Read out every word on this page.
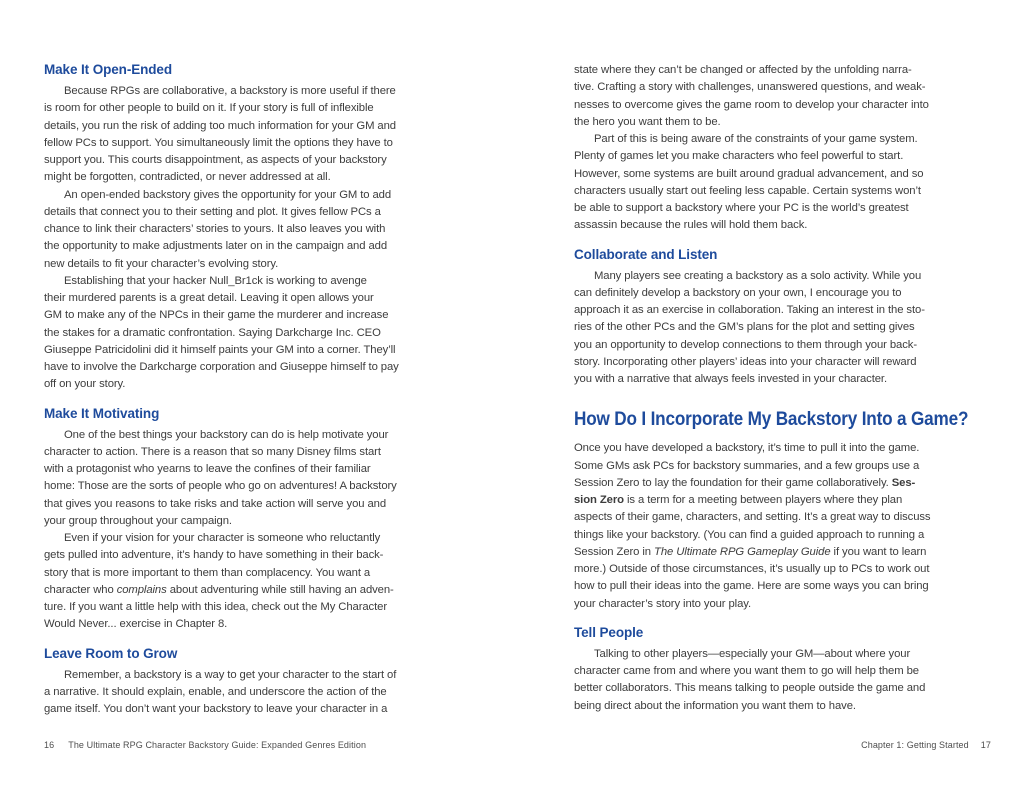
Make It Open-Ended
Because RPGs are collaborative, a backstory is more useful if there
is room for other people to build on it. If your story is full of inflexible
details, you run the risk of adding too much information for your GM and
fellow PCs to support. You simultaneously limit the options they have to
support you. This courts disappointment, as aspects of your backstory
might be forgotten, contradicted, or never addressed at all.
An open-ended backstory gives the opportunity for your GM to add
details that connect you to their setting and plot. It gives fellow PCs a
chance to link their characters’ stories to yours. It also leaves you with
the opportunity to make adjustments later on in the campaign and add
new details to fit your character’s evolving story.
Establishing that your hacker Null_Br1ck is working to avenge
their murdered parents is a great detail. Leaving it open allows your
GM to make any of the NPCs in their game the murderer and increase
the stakes for a dramatic confrontation. Saying Darkcharge Inc. CEO
Giuseppe Patricidolini did it himself paints your GM into a corner. They’ll
have to involve the Darkcharge corporation and Giuseppe himself to pay
off on your story.
Make It Motivating
One of the best things your backstory can do is help motivate your
character to action. There is a reason that so many Disney films start
with a protagonist who yearns to leave the confines of their familiar
home: Those are the sorts of people who go on adventures! A backstory
that gives you reasons to take risks and take action will serve you and
your group throughout your campaign.
Even if your vision for your character is someone who reluctantly
gets pulled into adventure, it’s handy to have something in their back-
story that is more important to them than complacency. You want a
character who complains about adventuring while still having an adven-
ture. If you want a little help with this idea, check out the My Character
Would Never... exercise in Chapter 8.
Leave Room to Grow
Remember, a backstory is a way to get your character to the start of
a narrative. It should explain, enable, and underscore the action of the
game itself. You don’t want your backstory to leave your character in a
state where they can’t be changed or affected by the unfolding narra-
tive. Crafting a story with challenges, unanswered questions, and weak-
nesses to overcome gives the game room to develop your character into
the hero you want them to be.
Part of this is being aware of the constraints of your game system.
Plenty of games let you make characters who feel powerful to start.
However, some systems are built around gradual advancement, and so
characters usually start out feeling less capable. Certain systems won’t
be able to support a backstory where your PC is the world’s greatest
assassin because the rules will hold them back.
Collaborate and Listen
Many players see creating a backstory as a solo activity. While you
can definitely develop a backstory on your own, I encourage you to
approach it as an exercise in collaboration. Taking an interest in the sto-
ries of the other PCs and the GM’s plans for the plot and setting gives
you an opportunity to develop connections to them through your back-
story. Incorporating other players’ ideas into your character will reward
you with a narrative that always feels invested in your character.
How Do I Incorporate My Backstory Into a Game?
Once you have developed a backstory, it’s time to pull it into the game.
Some GMs ask PCs for backstory summaries, and a few groups use a
Session Zero to lay the foundation for their game collaboratively. Ses-
sion Zero is a term for a meeting between players where they plan
aspects of their game, characters, and setting. It’s a great way to discuss
things like your backstory. (You can find a guided approach to running a
Session Zero in The Ultimate RPG Gameplay Guide if you want to learn
more.) Outside of those circumstances, it’s usually up to PCs to work out
how to pull their ideas into the game. Here are some ways you can bring
your character’s story into your play.
Tell People
Talking to other players—especially your GM—about where your
character came from and where you want them to go will help them be
better collaborators. This means talking to people outside the game and
being direct about the information you want them to have.
16 The Ultimate RPG Character Backstory Guide: Expanded Genres Edition	Chapter 1: Getting Started 17
